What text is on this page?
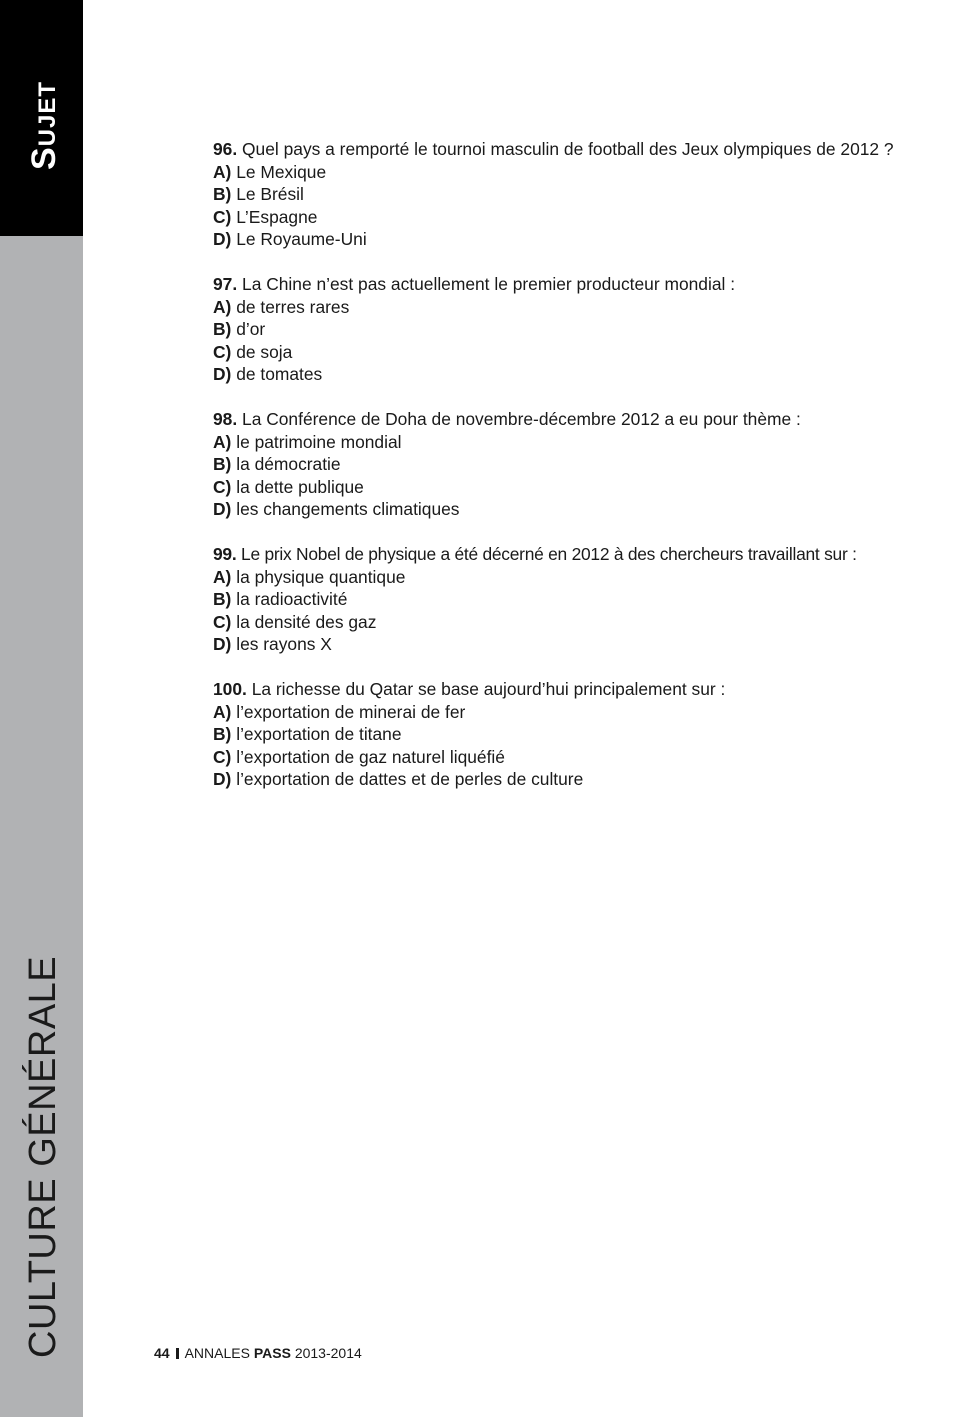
Sujet
CULTURE GÉNÉRALE
96. Quel pays a remporté le tournoi masculin de football des Jeux olympiques de 2012 ?
A) Le Mexique
B) Le Brésil
C) L’Espagne
D) Le Royaume-Uni
97. La Chine n’est pas actuellement le premier producteur mondial :
A) de terres rares
B) d’or
C) de soja
D) de tomates
98. La Conférence de Doha de novembre-décembre 2012 a eu pour thème :
A) le patrimoine mondial
B) la démocratie
C) la dette publique
D) les changements climatiques
99. Le prix Nobel de physique a été décerné en 2012 à des chercheurs travaillant sur :
A) la physique quantique
B) la radioactivité
C) la densité des gaz
D) les rayons X
100. La richesse du Qatar se base aujourd’hui principalement sur :
A) l’exportation de minerai de fer
B) l’exportation de titane
C) l’exportation de gaz naturel liquéfié
D) l’exportation de dattes et de perles de culture
44 ANNALES PASS 2013-2014
